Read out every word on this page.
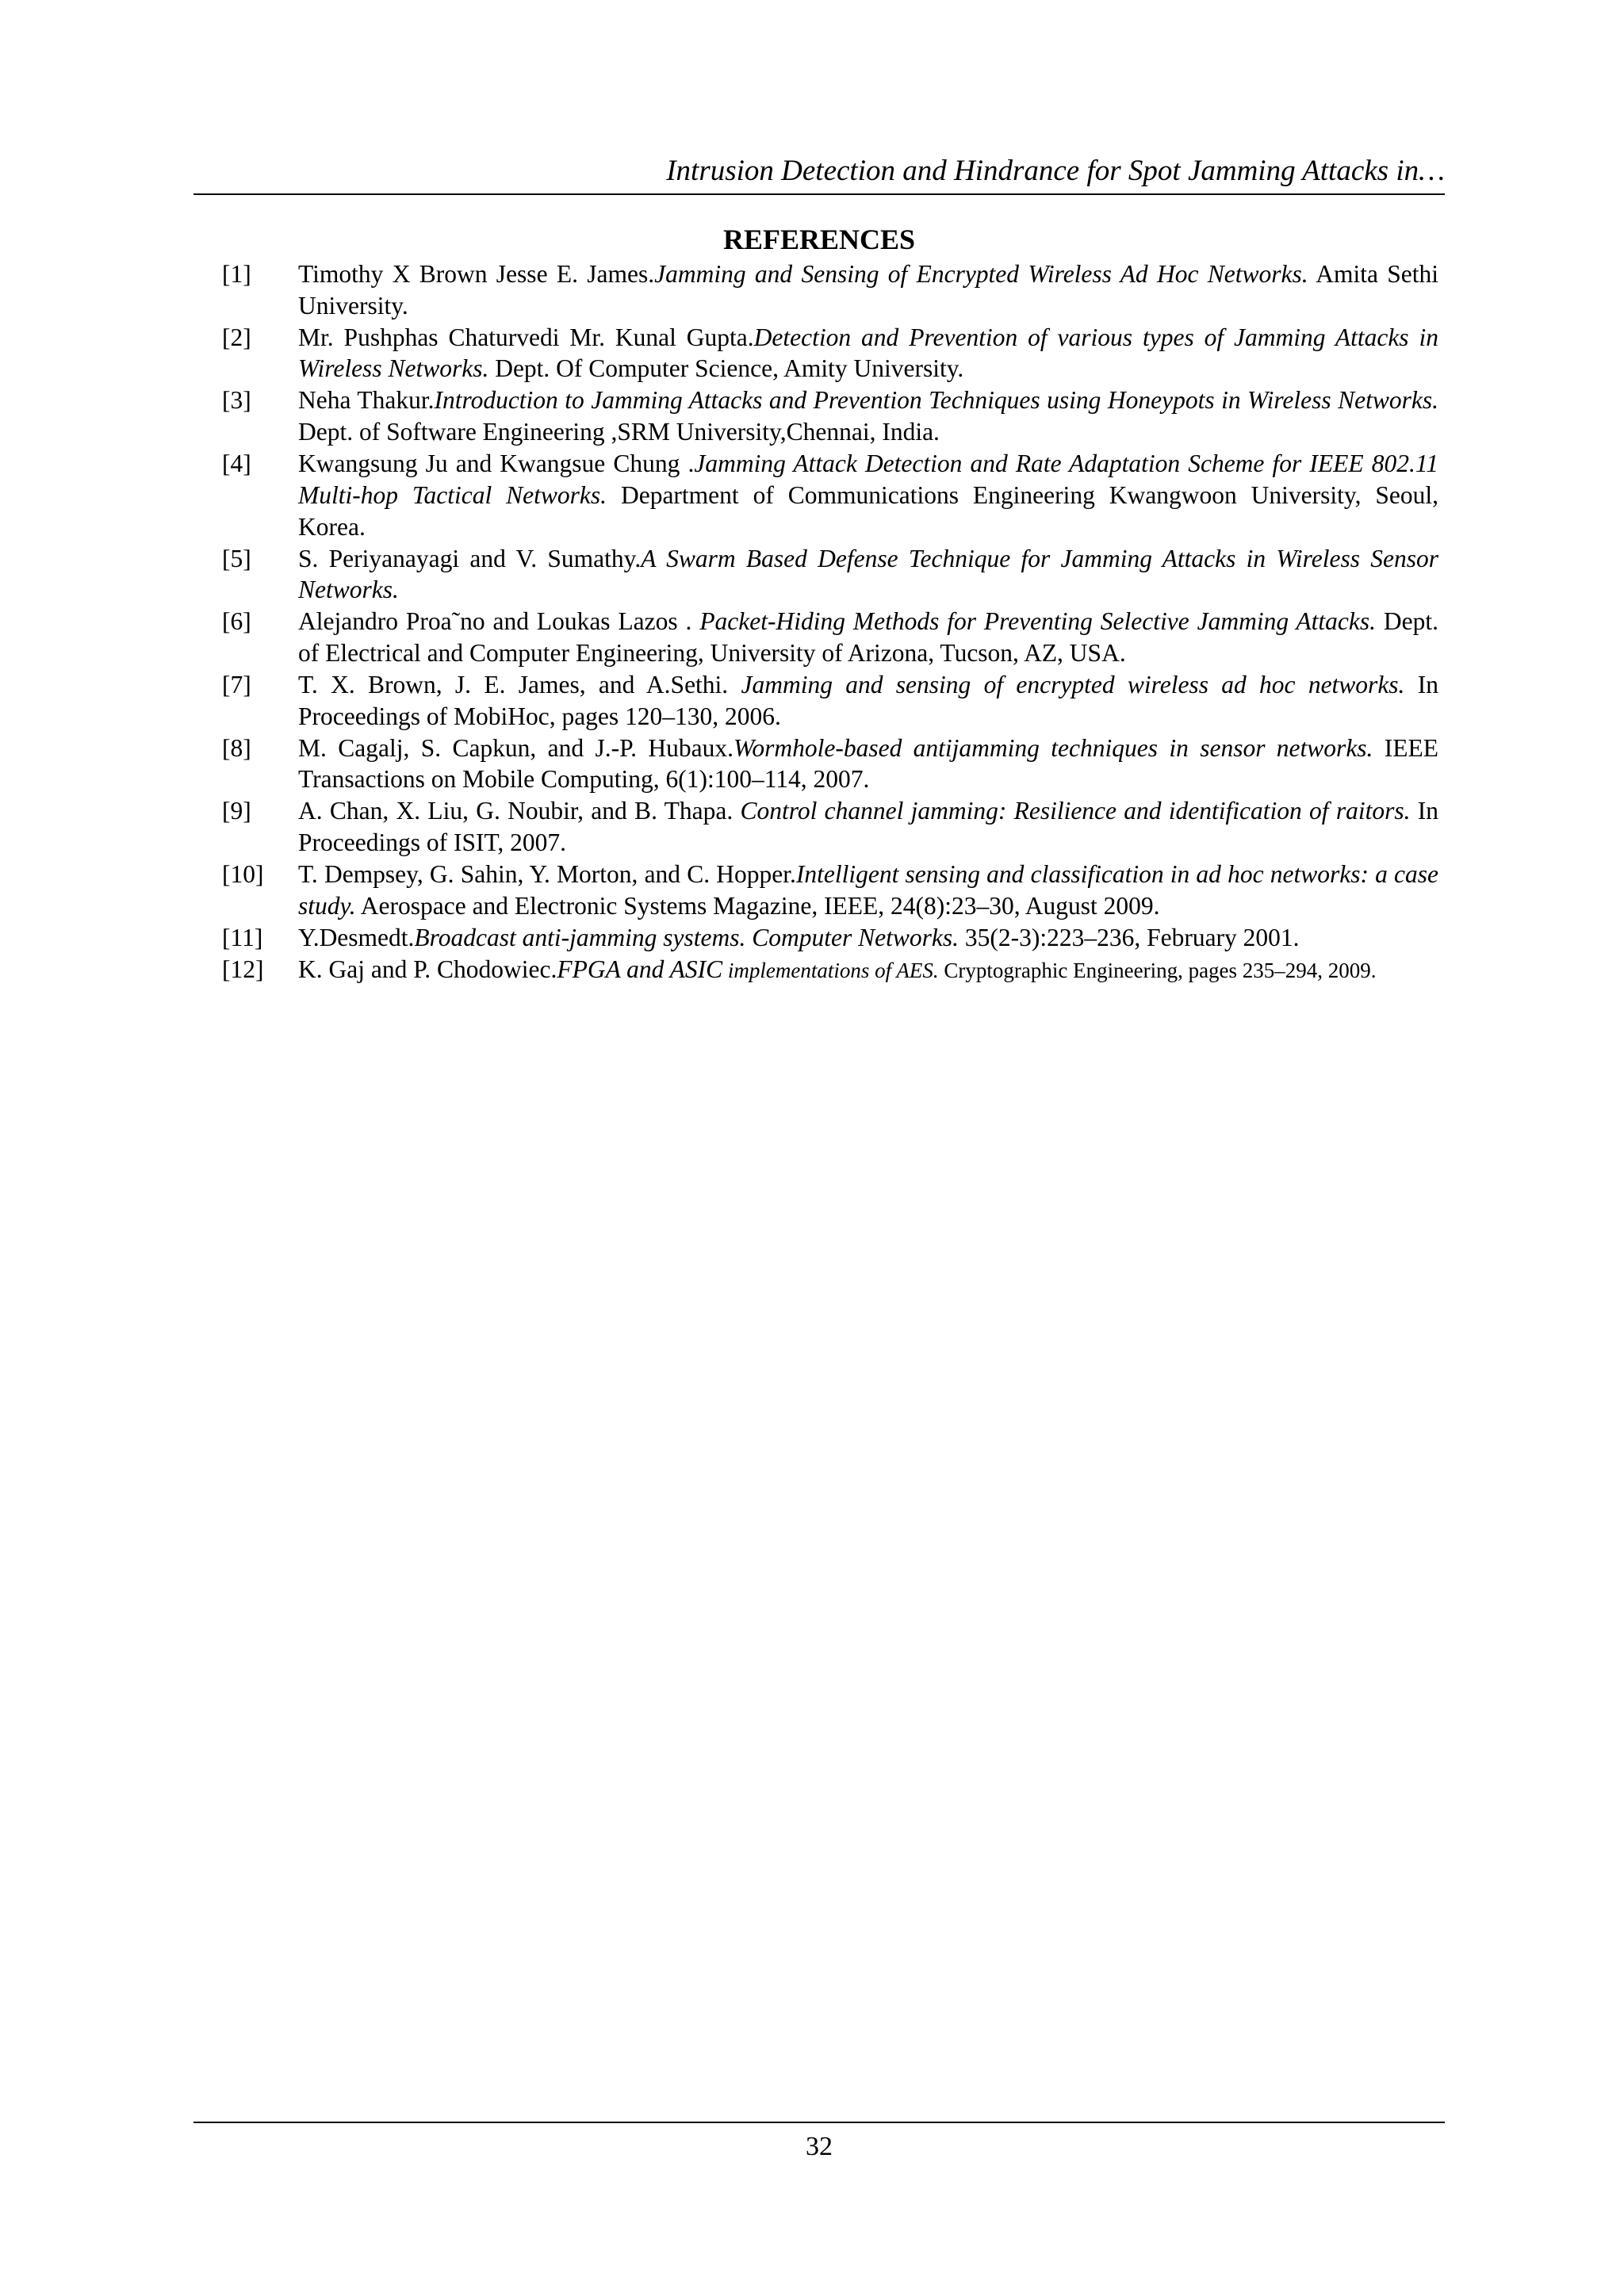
Intrusion Detection and Hindrance for Spot Jamming Attacks in…
REFERENCES
[1]	Timothy X Brown Jesse E. James.Jamming and Sensing of Encrypted Wireless Ad Hoc Networks. Amita Sethi University.
[2]	Mr. Pushphas Chaturvedi Mr. Kunal Gupta.Detection and Prevention of various types of Jamming Attacks in Wireless Networks. Dept. Of Computer Science, Amity University.
[3]	Neha Thakur.Introduction to Jamming Attacks and Prevention Techniques using Honeypots in Wireless Networks. Dept. of Software Engineering ,SRM University,Chennai, India.
[4]	Kwangsung Ju and Kwangsue Chung .Jamming Attack Detection and Rate Adaptation Scheme for IEEE 802.11 Multi-hop Tactical Networks. Department of Communications Engineering Kwangwoon University, Seoul, Korea.
[5]	S. Periyanayagi and V. Sumathy.A Swarm Based Defense Technique for Jamming Attacks in Wireless Sensor Networks.
[6]	Alejandro Proa˜no and Loukas Lazos . Packet-Hiding Methods for Preventing Selective Jamming Attacks. Dept. of Electrical and Computer Engineering, University of Arizona, Tucson, AZ, USA.
[7]	T. X. Brown, J. E. James, and A.Sethi. Jamming and sensing of encrypted wireless ad hoc networks. In Proceedings of MobiHoc, pages 120–130, 2006.
[8]	M. Cagalj, S. Capkun, and J.-P. Hubaux.Wormhole-based antijamming techniques in sensor networks. IEEE Transactions on Mobile Computing, 6(1):100–114, 2007.
[9]	A. Chan, X. Liu, G. Noubir, and B. Thapa. Control channel jamming: Resilience and identification of raitors. In Proceedings of ISIT, 2007.
[10]	T. Dempsey, G. Sahin, Y. Morton, and C. Hopper.Intelligent sensing and classification in ad hoc networks: a case study. Aerospace and Electronic Systems Magazine, IEEE, 24(8):23–30, August 2009.
[11]	Y.Desmedt.Broadcast anti-jamming systems. Computer Networks. 35(2-3):223–236, February 2001.
[12]	K. Gaj and P. Chodowiec.FPGA and ASIC implementations of AES. Cryptographic Engineering, pages 235–294, 2009.
32
